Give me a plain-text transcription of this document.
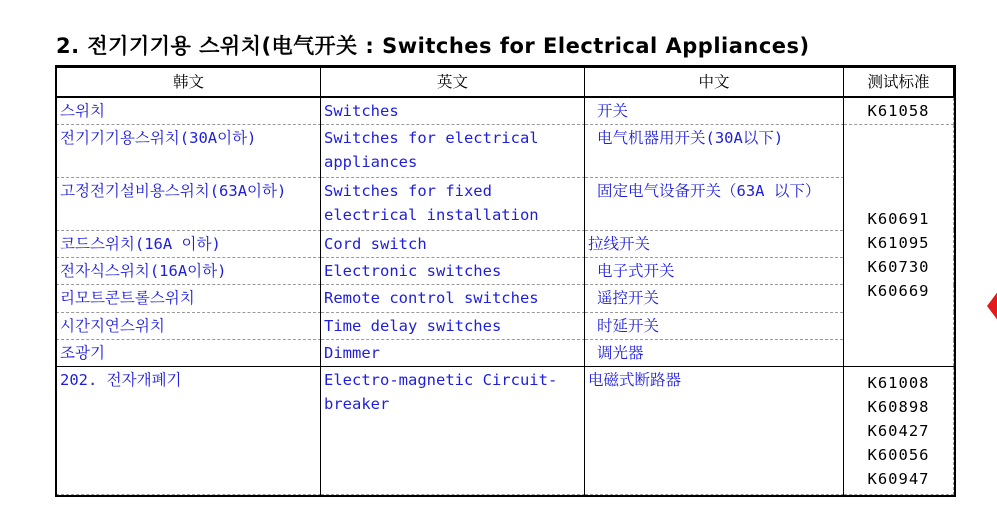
2. 전기기기용 스위치(电气开关 : Switches for Electrical Appliances)
韩文	英文	中文	测试标准
스위치	Switches	开关	K61058
전기기기용스위치(30A이하)	Switches for electrical appliances	电气机器用开关(30A以下)	K60691 K61095 K60730 K60669
고정전기설비용스위치(63A이하)	Switches for fixed electrical installation	固定电气设备开关（63A 以下）	
코드스위치(16A 이하)	Cord switch	拉线开关	
전자식스위치(16A이하)	Electronic switches	电子式开关	
리모트콘트롤스위치	Remote control switches	遥控开关	
시간지연스위치	Time delay switches	时延开关	
조광기	Dimmer	调光器	
202. 전자개폐기	Electro-magnetic Circuit-breaker	电磁式断路器	K61008 K60898 K60427 K60056 K60947
